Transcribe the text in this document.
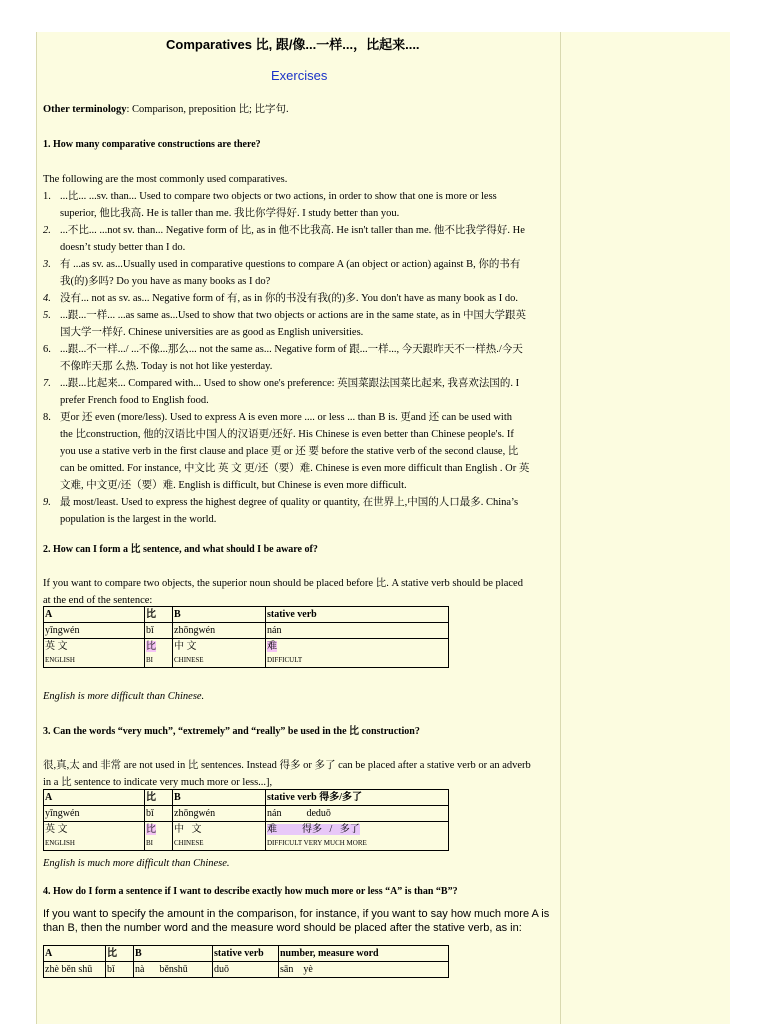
Comparatives 比, 跟/像...一样...，比起来....
Exercises
Other terminology: Comparison, preposition 比; 比字句.
1. How many comparative constructions are there?
The following are the most commonly used comparatives.
1. ...比... ...sv. than... Used to compare two objects or two actions, in order to show that one is more or less
superior, 他比我高. He is taller than me. 我比你学得好. I study better than you.
2. ...不比... ...not sv. than... Negative form of 比, as in 他不比我高. He isn't taller than me. 他不比我学得好. He
doesn’t study better than I do.
3. 有 ...as sv. as...Usually used in comparative questions to compare A (an object or action) against B, 你的书有
我(的)多吗? Do you have as many books as I do?
4. 没有... not as sv. as... Negative form of 有, as in 你的书没有我(的)多. You don't have as many book as I do.
5. ...跟...一样... ...as same as...Used to show that two objects or actions are in the same state, as in 中国大学跟英
国大学一样好. Chinese universities are as good as English universities.
6. ...跟...不一样.../ ...不像...那么... not the same as... Negative form of 跟...一样..., 今天跟昨天不一样热./今天
不像昨天那 么热. Today is not hot like yesterday.
7. ...跟...比起来... Compared with... Used to show one's preference: 英国菜跟法国菜比起来, 我喜欢法国的. I
prefer French food to English food.
8. 更or 还 even (more/less). Used to express A is even more .... or less ... than B is. 更and 还 can be used with
the 比construction, 他的汉语比中国人的汉语更/还好. His Chinese is even better than Chinese people's. If
you use a stative verb in the first clause and place 更 or 还 要 before the stative verb of the second clause, 比
can be omitted. For instance, 中文比 英 文 更/还（要）难. Chinese is even more difficult than English . Or 英
文难, 中文更/还（要）难. English is difficult, but Chinese is even more difficult.
9. 最 most/least. Used to express the highest degree of quality or quantity, 在世界上,中国的人口最多. China’s
population is the largest in the world.
2. How can I form a 比 sentence, and what should I be aware of?
If you want to compare two objects, the superior noun should be placed before 比. A stative verb should be placed
at the end of the sentence:
A	比	B	stative verb
yīngwén	bǐ	zhōngwén	nán
英 文	比	中 文	难
ENGLISH	BI	CHINESE	DIFFICULT
English is more difficult than Chinese.
3. Can the words “very much”, “extremely” and “really” be used in the 比 construction?
很,真,太 and 非常 are not used in 比 sentences. Instead 得多 or 多了 can be placed after a stative verb or an adverb
in a 比 sentence to indicate very much more or less...],
A	比	B	stative verb 得多/多了
yīngwén	bǐ	zhōngwén	nán          deduō
英 文	比	中   文	难          得多   /   多了
ENGLISH	BI	CHINESE	DIFFICULT VERY MUCH MORE
English is much more difficult than Chinese.
4. How do I form a sentence if I want to describe exactly how much more or less “A” is than “B”?
If you want to specify the amount in the comparison, for instance, if you want to say how much more A is
than B, then the number word and the measure word should be placed after the stative verb, as in:
A	比	B	stative verb	number, measure word
zhè běn shū	bǐ	nà      běnshū	duō	sān    yè
